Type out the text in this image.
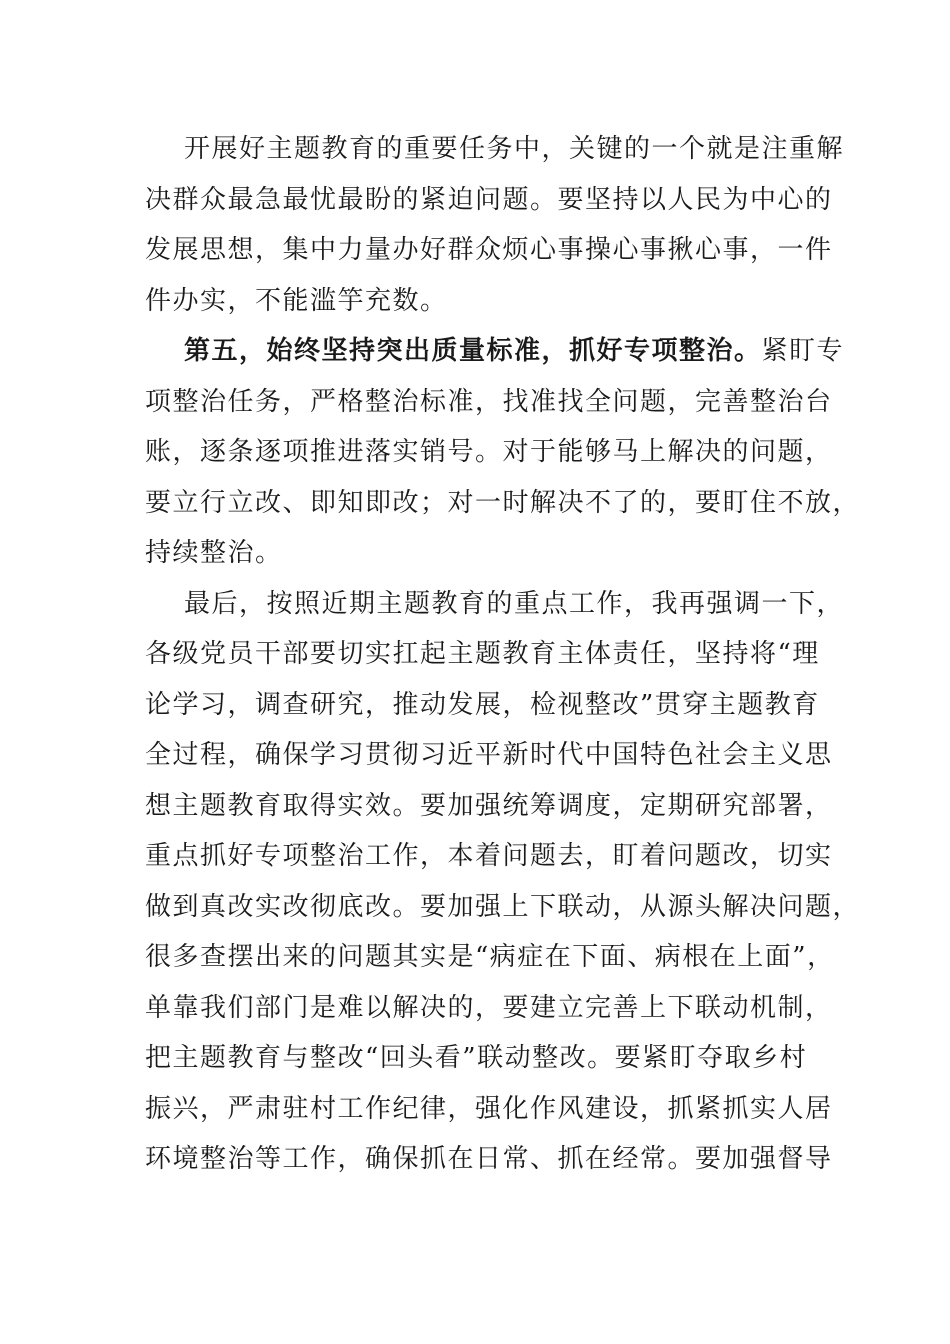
开展好主题教育的重要任务中，关键的一个就是注重解
决群众最急最忧最盼的紧迫问题。要坚持以人民为中心的
发展思想，集中力量办好群众烦心事操心事揪心事，一件
件办实，不能滥竽充数。
第五，始终坚持突出质量标准，抓好专项整治。紧盯专
项整治任务，严格整治标准，找准找全问题，完善整治台
账，逐条逐项推进落实销号。对于能够马上解决的问题，
要立行立改、即知即改；对一时解决不了的，要盯住不放，
持续整治。
最后，按照近期主题教育的重点工作，我再强调一下，
各级党员干部要切实扛起主题教育主体责任，坚持将“理
论学习，调查研究，推动发展，检视整改”贯穿主题教育
全过程，确保学习贯彻习近平新时代中国特色社会主义思
想主题教育取得实效。要加强统筹调度，定期研究部署，
重点抓好专项整治工作，本着问题去，盯着问题改，切实
做到真改实改彻底改。要加强上下联动，从源头解决问题，
很多查摆出来的问题其实是“病症在下面、病根在上面”，
单靠我们部门是难以解决的，要建立完善上下联动机制，
把主题教育与整改“回头看”联动整改。要紧盯夺取乡村
振兴，严肃驻村工作纪律，强化作风建设，抓紧抓实人居
环境整治等工作，确保抓在日常、抓在经常。要加强督导
